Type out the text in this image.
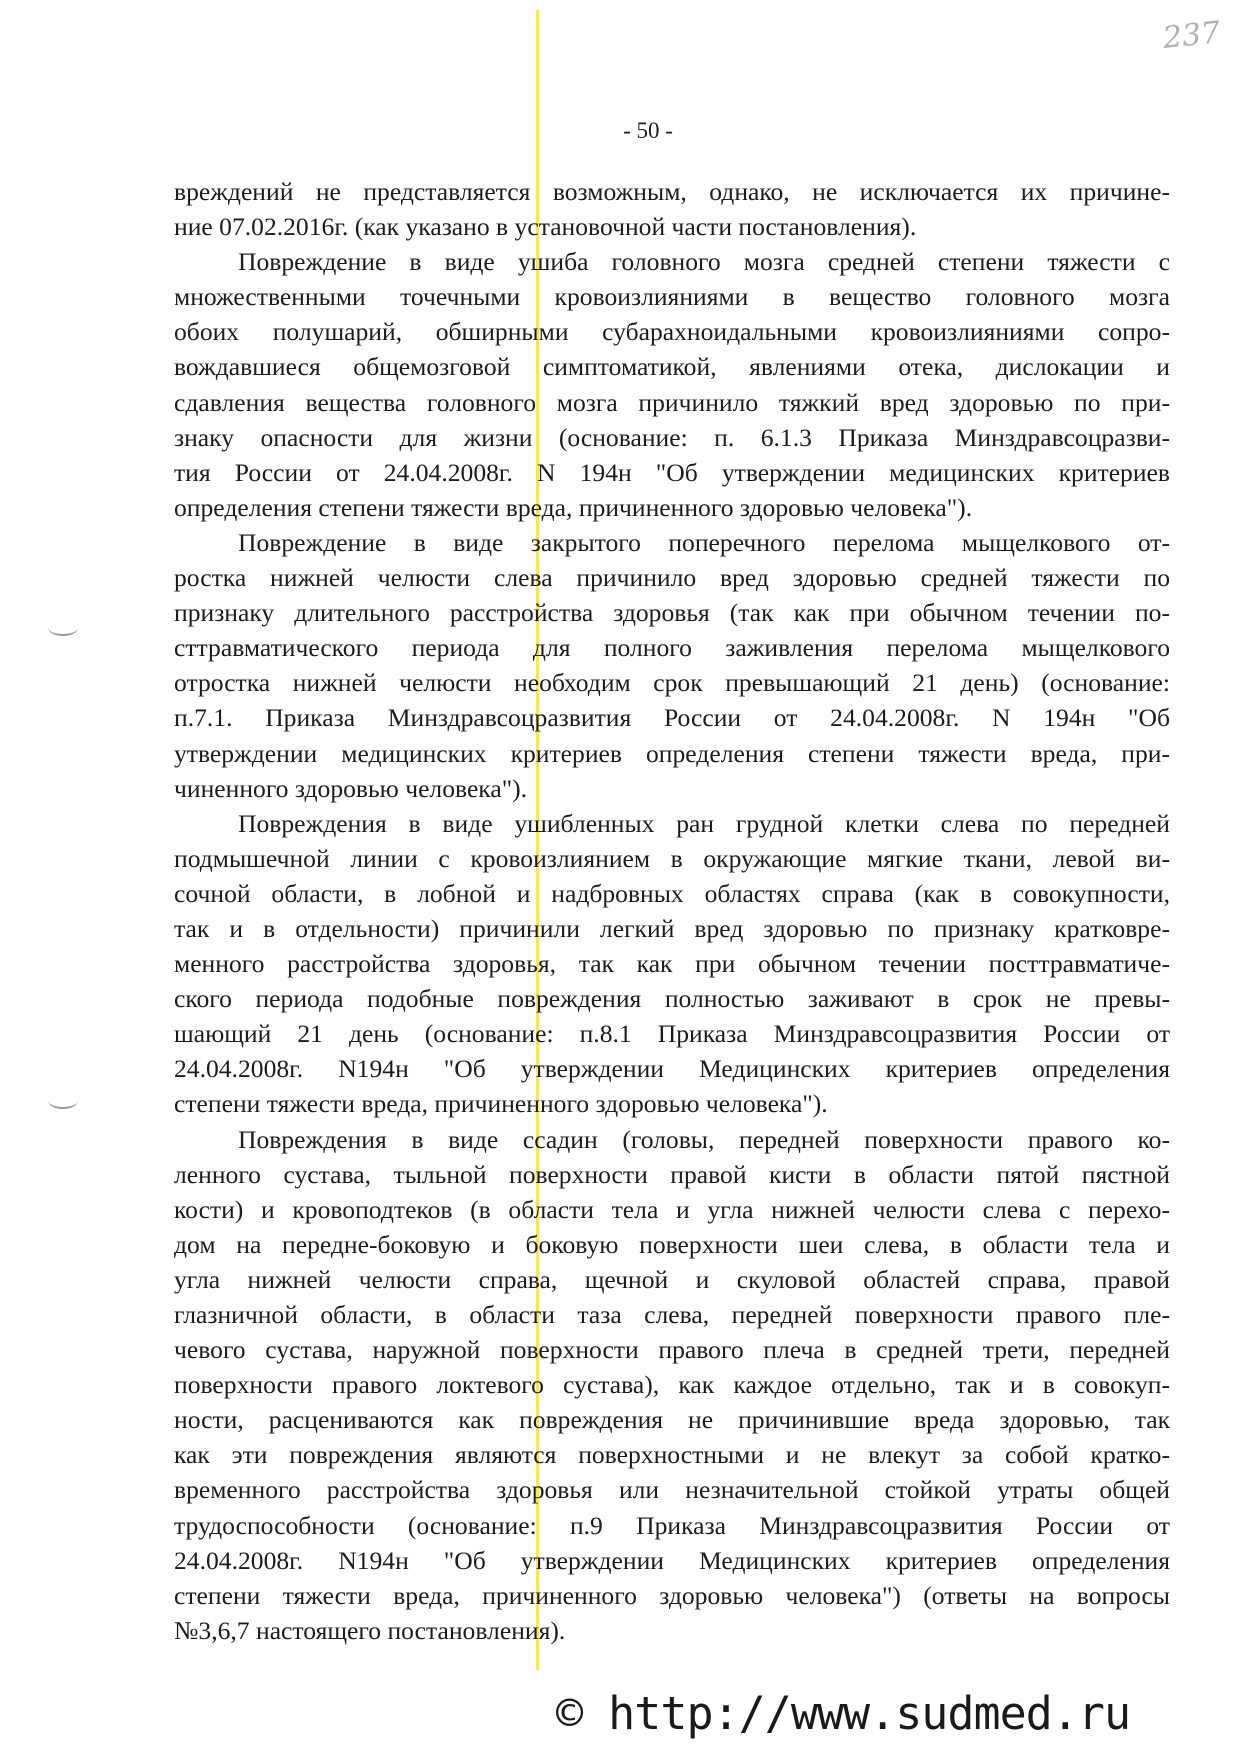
237
- 50 -
вреждений не представляется возможным, однако, не исключается их причине-
ние 07.02.2016г. (как указано в установочной части постановления).
Повреждение в виде ушиба головного мозга средней степени тяжести с
множественными точечными кровоизлияниями в вещество головного мозга
обоих полушарий, обширными субарахноидальными кровоизлияниями сопро-
вождавшиеся общемозговой симптоматикой, явлениями отека, дислокации и
сдавления вещества головного мозга причинило тяжкий вред здоровью по при-
знаку опасности для жизни (основание: п. 6.1.3 Приказа Минздравсоцразви-
тия России от 24.04.2008г. N 194н "Об утверждении медицинских критериев
определения степени тяжести вреда, причиненного здоровью человека").
Повреждение в виде закрытого поперечного перелома мыщелкового от-
ростка нижней челюсти слева причинило вред здоровью средней тяжести по
признаку длительного расстройства здоровья (так как при обычном течении по-
сттравматического периода для полного заживления перелома мыщелкового
отростка нижней челюсти необходим срок превышающий 21 день) (основание:
п.7.1. Приказа Минздравсоцразвития России от 24.04.2008г. N 194н "Об
утверждении медицинских критериев определения степени тяжести вреда, при-
чиненного здоровью человека").
Повреждения в виде ушибленных ран грудной клетки слева по передней
подмышечной линии с кровоизлиянием в окружающие мягкие ткани, левой ви-
сочной области, в лобной и надбровных областях справа (как в совокупности,
так и в отдельности) причинили легкий вред здоровью по признаку кратковре-
менного расстройства здоровья, так как при обычном течении посттравматиче-
ского периода подобные повреждения полностью заживают в срок не превы-
шающий 21 день (основание: п.8.1 Приказа Минздравсоцразвития России от
24.04.2008г. N194н "Об утверждении Медицинских критериев определения
степени тяжести вреда, причиненного здоровью человека").
Повреждения в виде ссадин (головы, передней поверхности правого ко-
ленного сустава, тыльной поверхности правой кисти в области пятой пястной
кости) и кровоподтеков (в области тела и угла нижней челюсти слева с перехо-
дом на передне-боковую и боковую поверхности шеи слева, в области тела и
угла нижней челюсти справа, щечной и скуловой областей справа, правой
глазничной области, в области таза слева, передней поверхности правого пле-
чевого сустава, наружной поверхности правого плеча в средней трети, передней
поверхности правого локтевого сустава), как каждое отдельно, так и в совокуп-
ности, расцениваются как повреждения не причинившие вреда здоровью, так
как эти повреждения являются поверхностными и не влекут за собой кратко-
временного расстройства здоровья или незначительной стойкой утраты общей
трудоспособности (основание: п.9 Приказа Минздравсоцразвития России от
24.04.2008г. N194н "Об утверждении Медицинских критериев определения
степени тяжести вреда, причиненного здоровью человека") (ответы на вопросы
№3,6,7 настоящего постановления).
© http://www.sudmed.ru
